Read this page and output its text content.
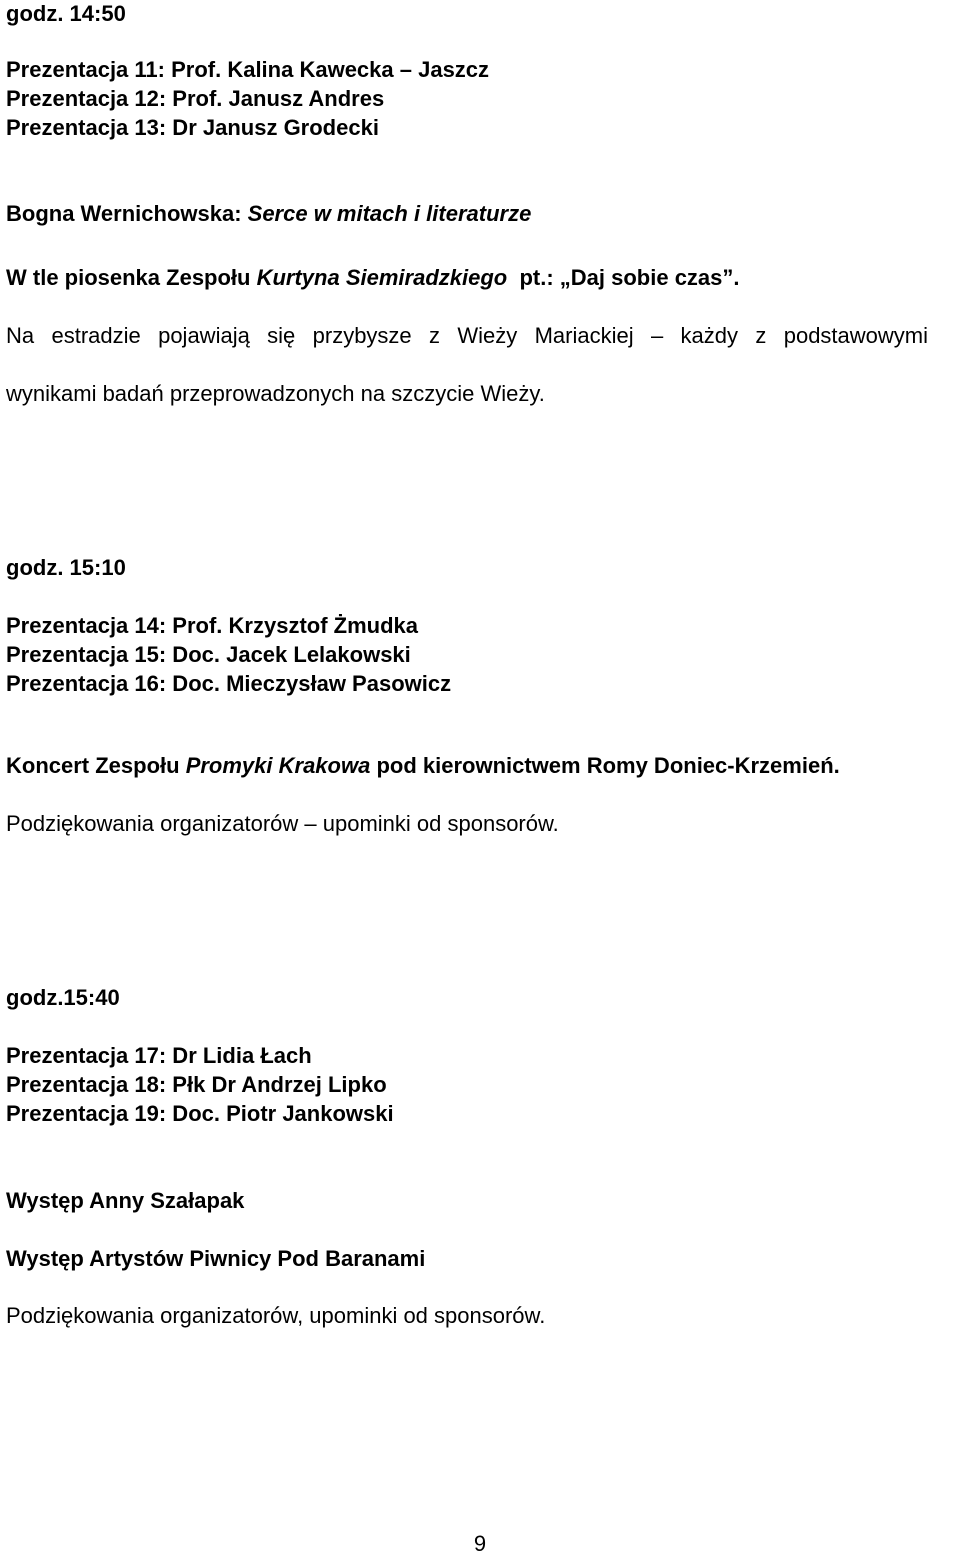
godz. 14:50
Prezentacja 11: Prof. Kalina Kawecka – Jaszcz
Prezentacja 12: Prof. Janusz Andres
Prezentacja 13: Dr Janusz Grodecki
Bogna Wernichowska: Serce w mitach i literaturze
W tle piosenka Zespołu Kurtyna Siemiradzkiego  pt.: „Daj sobie czas”.
Na estradzie pojawiają się przybysze z Wieży Mariackiej – każdy z podstawowymi
wynikami badań przeprowadzonych na szczycie Wieży.
godz. 15:10
Prezentacja 14: Prof. Krzysztof Żmudka
Prezentacja 15: Doc. Jacek Lelakowski
Prezentacja 16: Doc. Mieczysław Pasowicz
Koncert Zespołu Promyki Krakowa pod kierownictwem Romy Doniec-Krzemień.
Podziękowania organizatorów – upominki od sponsorów.
godz.15:40
Prezentacja 17: Dr Lidia Łach
Prezentacja 18: Płk Dr Andrzej Lipko
Prezentacja 19: Doc. Piotr Jankowski
Występ Anny Szałapak
Występ Artystów Piwnicy Pod Baranami
Podziękowania organizatorów, upominki od sponsorów.
9
